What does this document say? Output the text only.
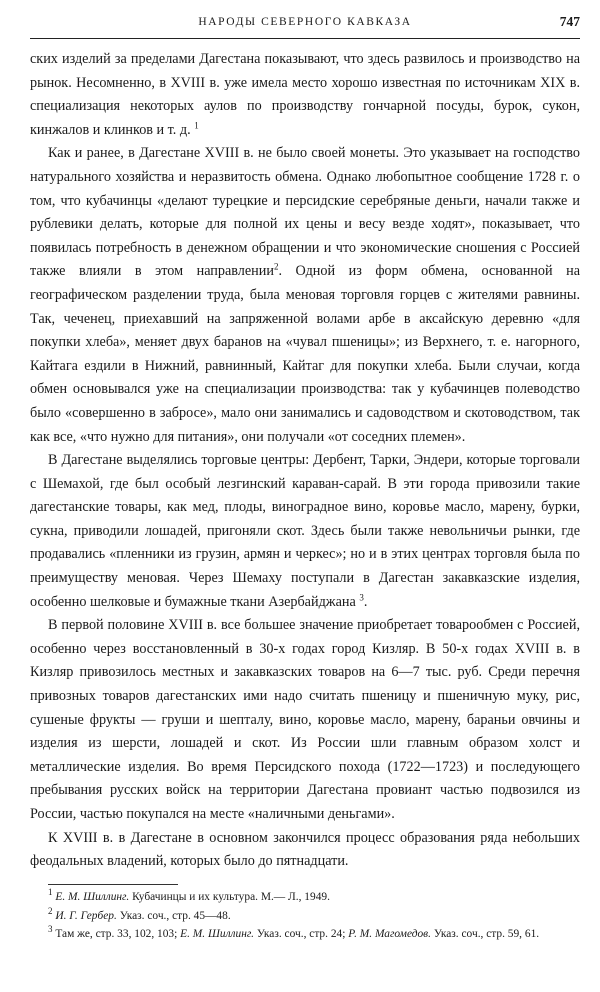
НАРОДЫ СЕВЕРНОГО КАВКАЗА	747

ских изделий за пределами Дагестана показывают, что здесь развилось и производство на рынок. Несомненно, в XVIII в. уже имела место хорошо известная по источникам XIX в. специализация некоторых аулов по производству гончарной посуды, бурок, сукон, кинжалов и клинков и т. д. $^1$

Как и ранее, в Дагестане XVIII в. не было своей монеты. Это указывает на господство натурального хозяйства и неразвитость обмена. Однако любопытное сообщение 1728 г. о том, что кубачинцы «делают турецкие и персидские серебряные деньги, начали также и рублевики делать, которые для полной их цены и весу везде ходят», показывает, что появилась потребность в денежном обращении и что экономические сношения с Россией также влияли в этом направлении$^2$. Одной из форм обмена, основанной на географическом разделении труда, была меновая торговля горцев с жителями равнины. Так, чеченец, приехавший на запряженной волами арбе в аксайскую деревню «для покупки хлеба», меняет двух баранов на «чувал пшеницы»; из Верхнего, т. е. нагорного, Кайтага ездили в Нижний, равнинный, Кайтаг для покупки хлеба. Были случаи, когда обмен основывался уже на специализации производства: так у кубачинцев полеводство было «совершенно в забросе», мало они занимались и садоводством и скотоводством, так как все, «что нужно для питания», они получали «от соседних племен».

В Дагестане выделялись торговые центры: Дербент, Тарки, Эндери, которые торговали с Шемахой, где был особый лезгинский караван-сарай. В эти города привозили такие дагестанские товары, как мед, плоды, виноградное вино, коровье масло, марену, бурки, сукна, приводили лошадей, пригоняли скот. Здесь были также невольничьи рынки, где продавались «пленники из грузин, армян и черкес»; но и в этих центрах торговля была по преимуществу меновая. Через Шемаху поступали в Дагестан закавказские изделия, особенно шелковые и бумажные ткани Азербайджана $^3$.

В первой половине XVIII в. все большее значение приобретает товарообмен с Россией, особенно через восстановленный в 30-х годах город Кизляр. В 50-х годах XVIII в. в Кизляр привозилось местных и закавказских товаров на 6—7 тыс. руб. Среди перечня привозных товаров дагестанских ими надо считать пшеницу и пшеничную муку, рис, сушеные фрукты — груши и шепталу, вино, коровье масло, марену, бараньи овчины и изделия из шерсти, лошадей и скот. Из России шли главным образом холст и металлические изделия. Во время Персидского похода (1722—1723) и последующего пребывания русских войск на территории Дагестана провиант частью подвозился из России, частью покупался на месте «наличными деньгами».

К XVIII в. в Дагестане в основном закончился процесс образования ряда небольших феодальных владений, которых было до пятнадцати.

$^1$ Е. М. Шиллинг. Кубачинцы и их культура. М.— Л., 1949.

$^2$ И. Г. Гербер. Указ. соч., стр. 45—48.

$^3$ Там же, стр. 33, 102, 103; Е. М. Шиллинг. Указ. соч., стр. 24; Р. М. Магомедов. Указ. соч., стр. 59, 61.
